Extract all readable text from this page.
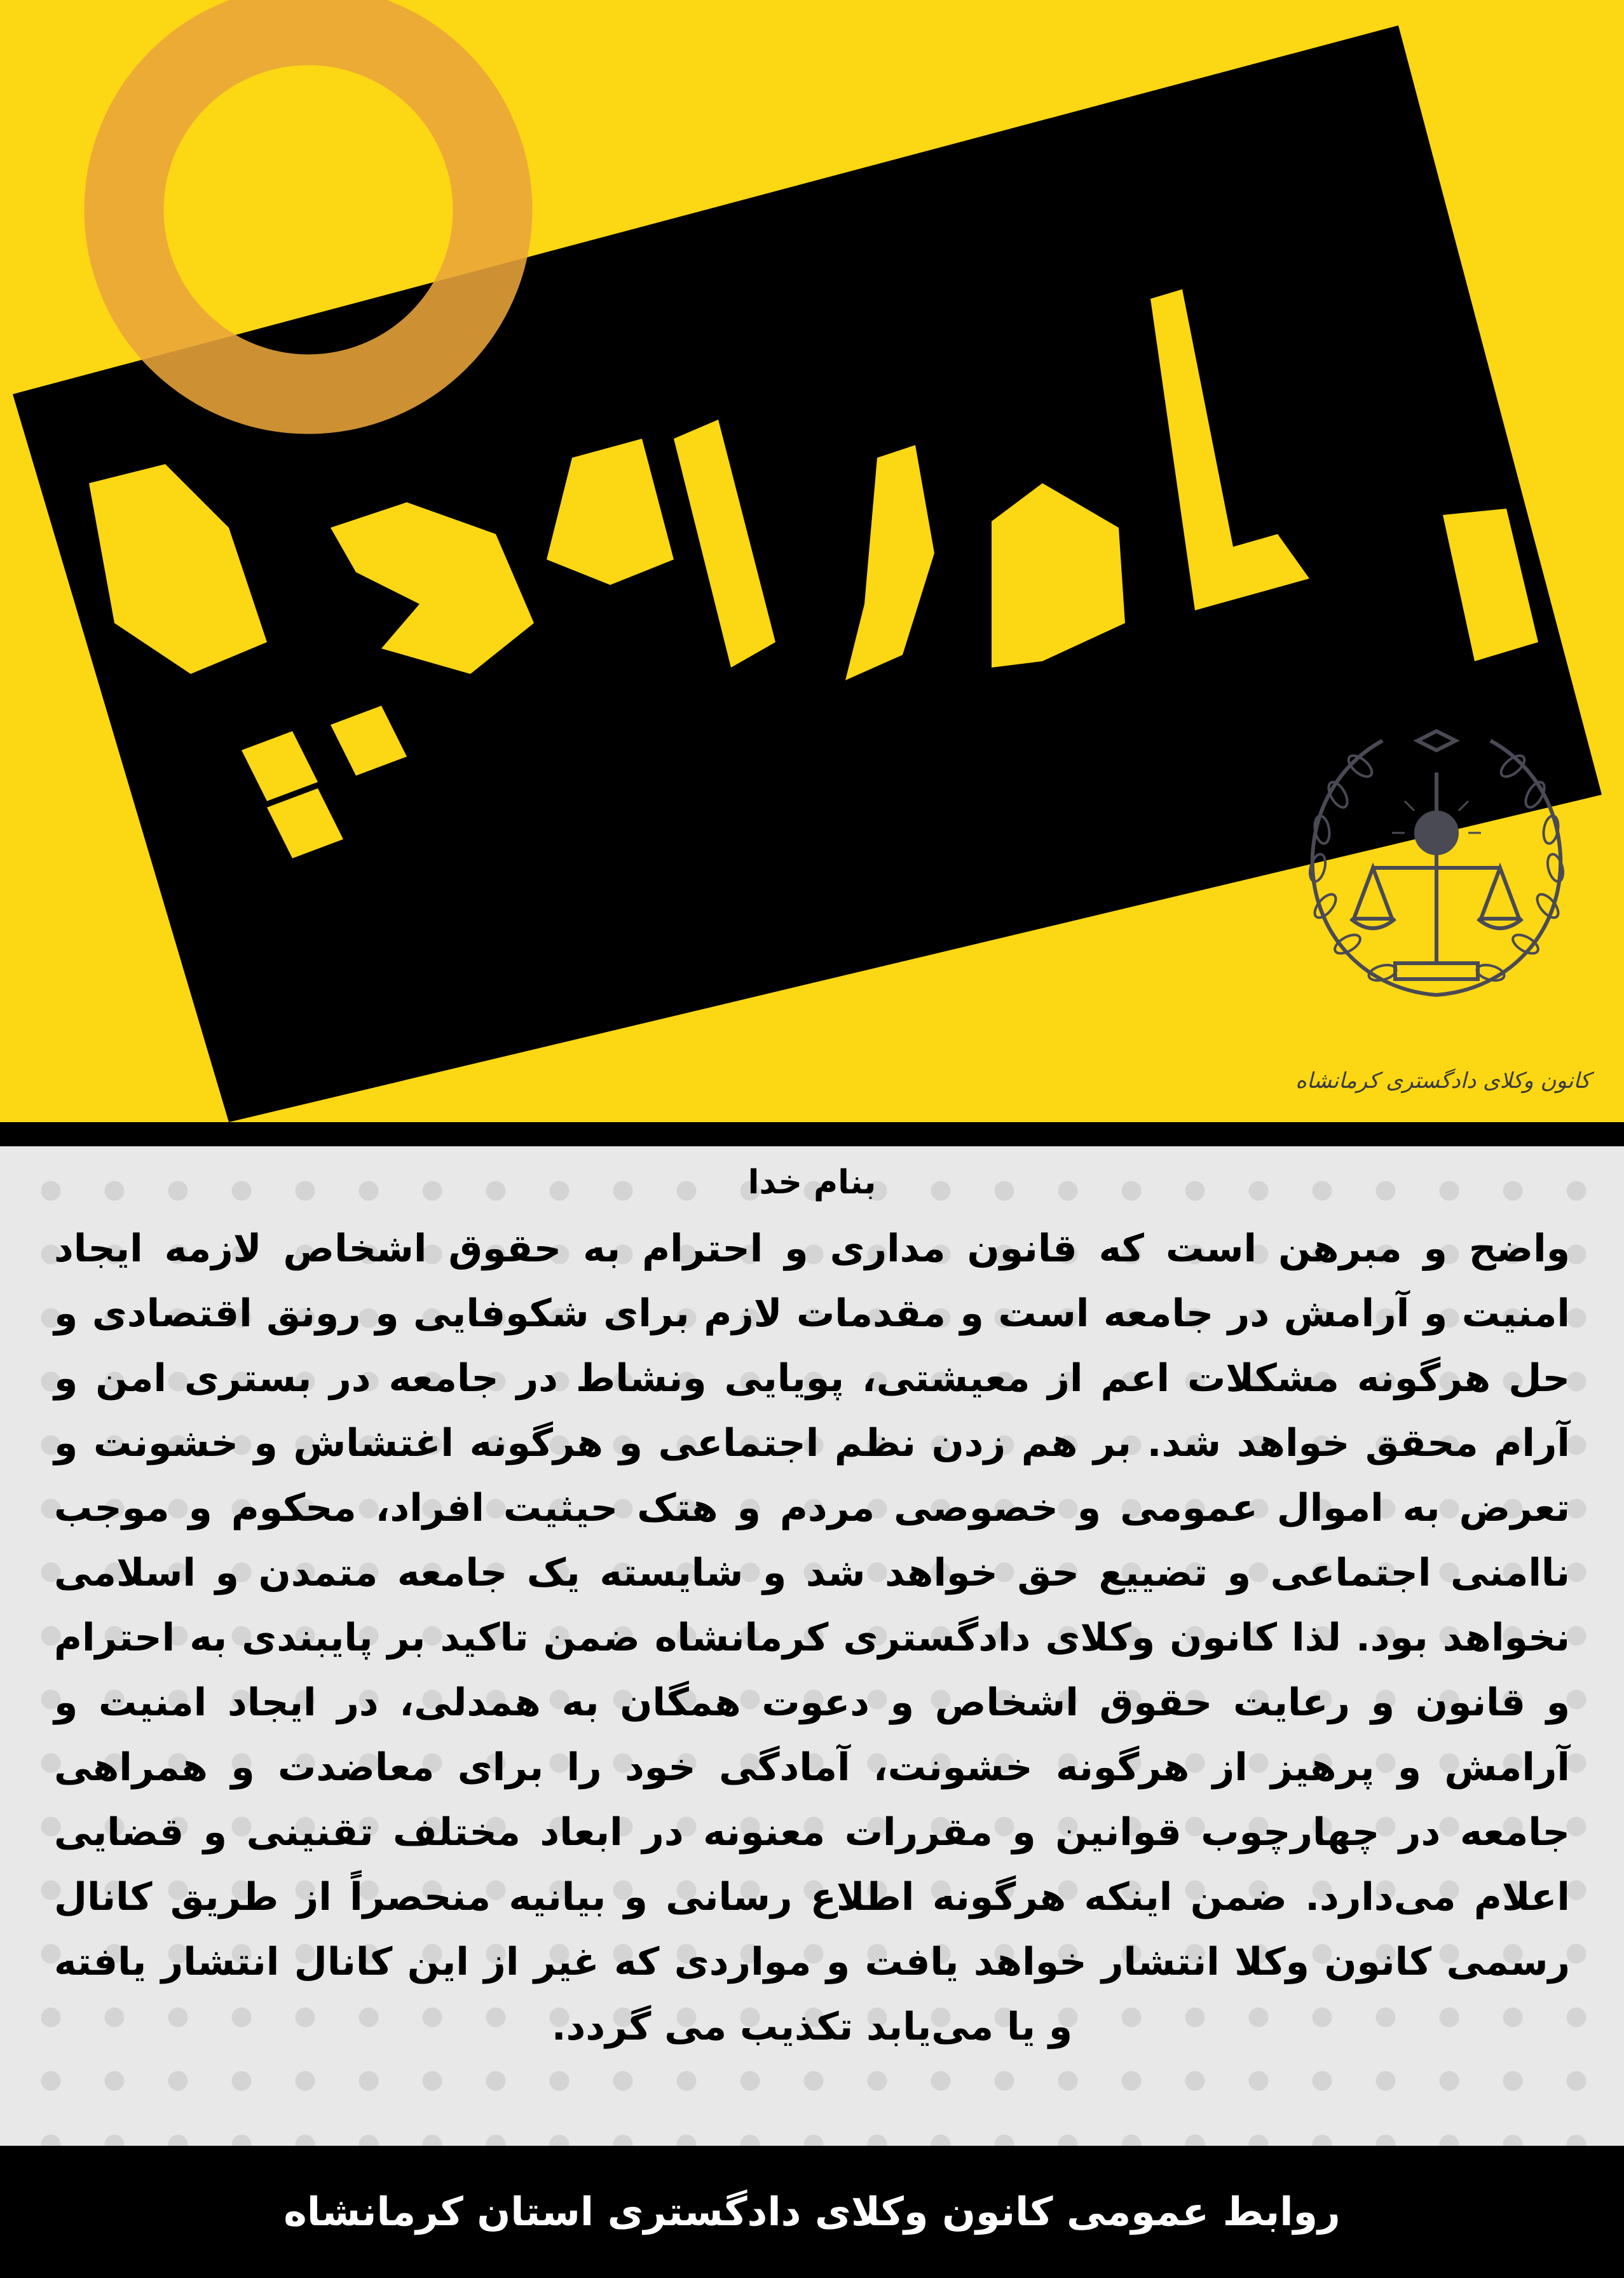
کانون وکلای دادگستری کرمانشاه
بنام خدا
واضح و مبرهن است که قانون مداری و احترام به حقوق اشخاص لازمه ایجاد امنیت و آرامش در جامعه است و مقدمات لازم برای شکوفایی و رونق اقتصادی و حل هرگونه مشکلات اعم از معیشتی، پویایی ونشاط در جامعه در بستری امن و آرام محقق خواهد شد. بر هم زدن نظم اجتماعی و هرگونه اغتشاش و خشونت و تعرض به اموال عمومی و خصوصی مردم و هتک حیثیت افراد، محکوم و موجب ناامنی اجتماعی و تضییع حق خواهد شد و شایسته یک جامعه متمدن و اسلامی نخواهد بود. لذا کانون وکلای دادگستری کرمانشاه ضمن تاکید بر پایبندی به احترام و قانون و رعایت حقوق اشخاص و دعوت همگان به همدلی، در ایجاد امنیت و آرامش و پرهیز از هرگونه خشونت، آمادگی خود را برای معاضدت و همراهی جامعه در چهارچوب قوانین و مقررات معنونه در ابعاد مختلف تقنینی و قضایی اعلام می‌دارد. ضمن اینکه هرگونه اطلاع رسانی و بیانیه منحصراً از طریق کانال رسمی کانون وکلا انتشار خواهد یافت و مواردی که غیر از این کانال انتشار یافته و یا می‌یابد تکذیب می گردد.
روابط عمومی کانون وکلای دادگستری استان کرمانشاه
